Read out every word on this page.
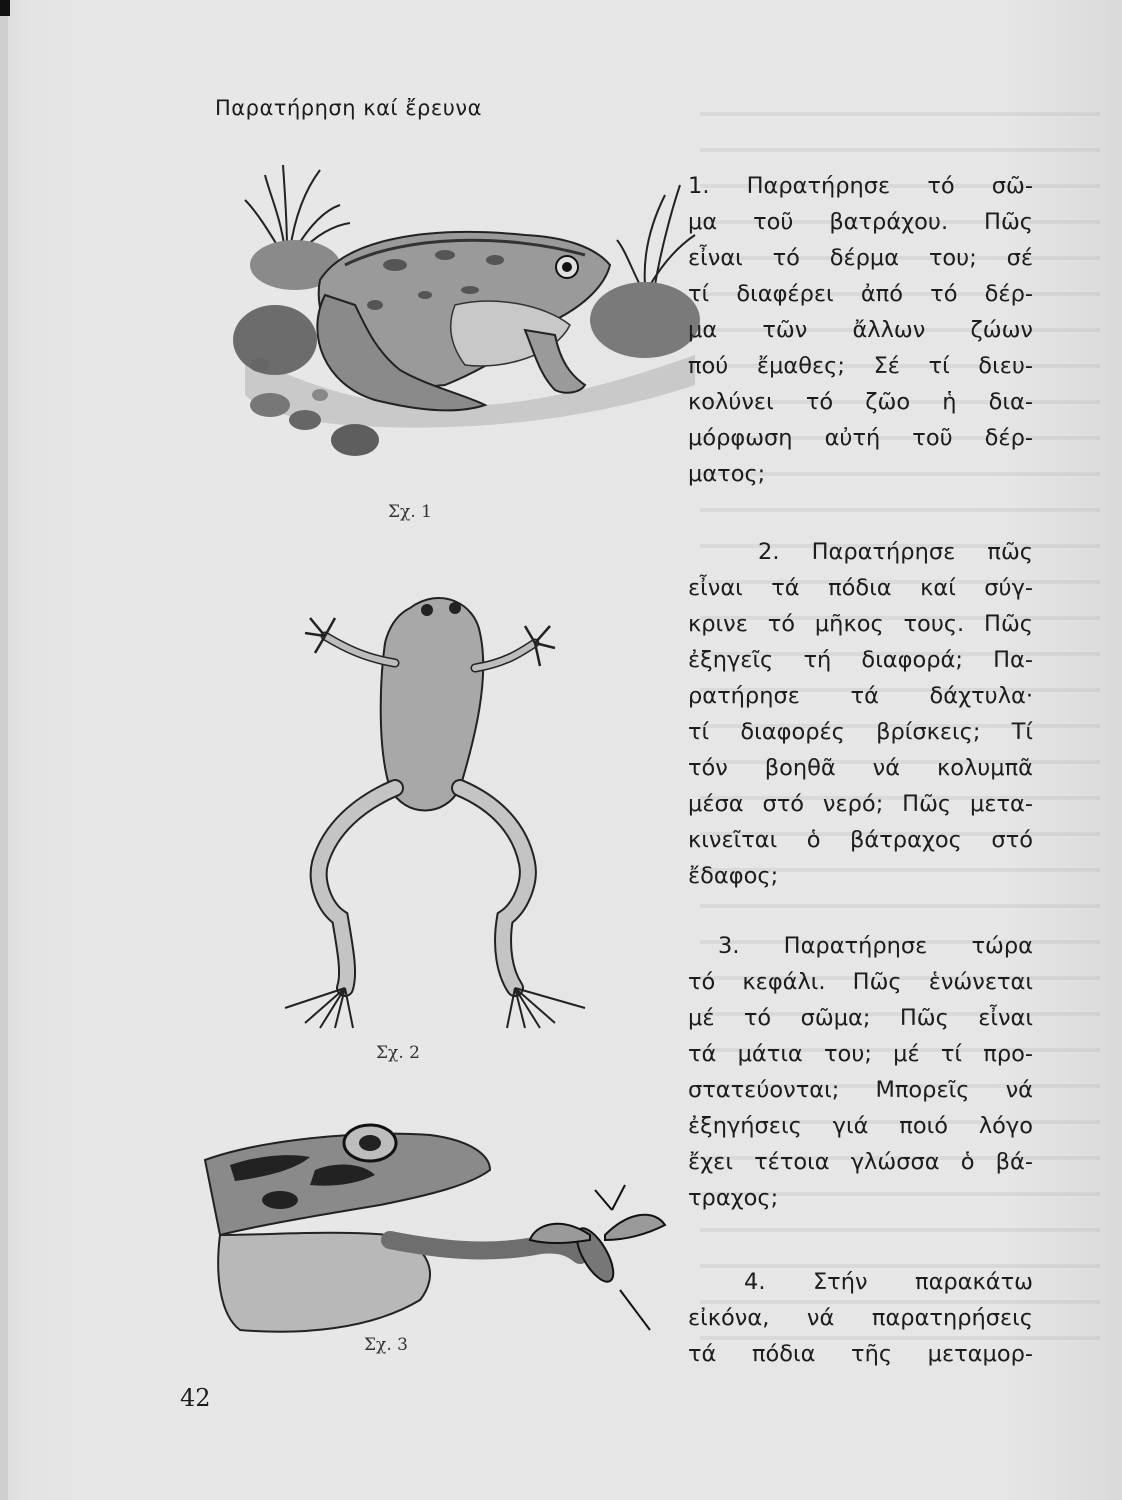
Παρατήρηση καί ἔρευνα
Σχ. 1
Σχ. 2
Σχ. 3
1. Παρατήρησε τό σῶ-
μα τοῦ βατράχου. Πῶς
εἶναι τό δέρμα του; σέ
τί διαφέρει ἀπό τό δέρ-
μα τῶν ἄλλων ζώων
πού ἔμαθες; Σέ τί διευ-
κολύνει τό ζῶο ἡ δια-
μόρφωση αὐτή τοῦ δέρ-
ματος;
2. Παρατήρησε πῶς
εἶναι τά πόδια καί σύγ-
κρινε τό μῆκος τους. Πῶς
ἐξηγεῖς τή διαφορά; Πα-
ρατήρησε τά δάχτυλα·
τί διαφορές βρίσκεις; Τί
τόν βοηθᾶ νά κολυμπᾶ
μέσα στό νερό; Πῶς μετα-
κινεῖται ὁ βάτραχος στό
ἔδαφος;
3. Παρατήρησε τώρα
τό κεφάλι. Πῶς ἑνώνεται
μέ τό σῶμα; Πῶς εἶναι
τά μάτια του; μέ τί προ-
στατεύονται; Μπορεῖς νά
ἐξηγήσεις γιά ποιό λόγο
ἔχει τέτοια γλώσσα ὁ βά-
τραχος;
4. Στήν παρακάτω
εἰκόνα, νά παρατηρήσεις
τά πόδια τῆς μεταμορ-
42
